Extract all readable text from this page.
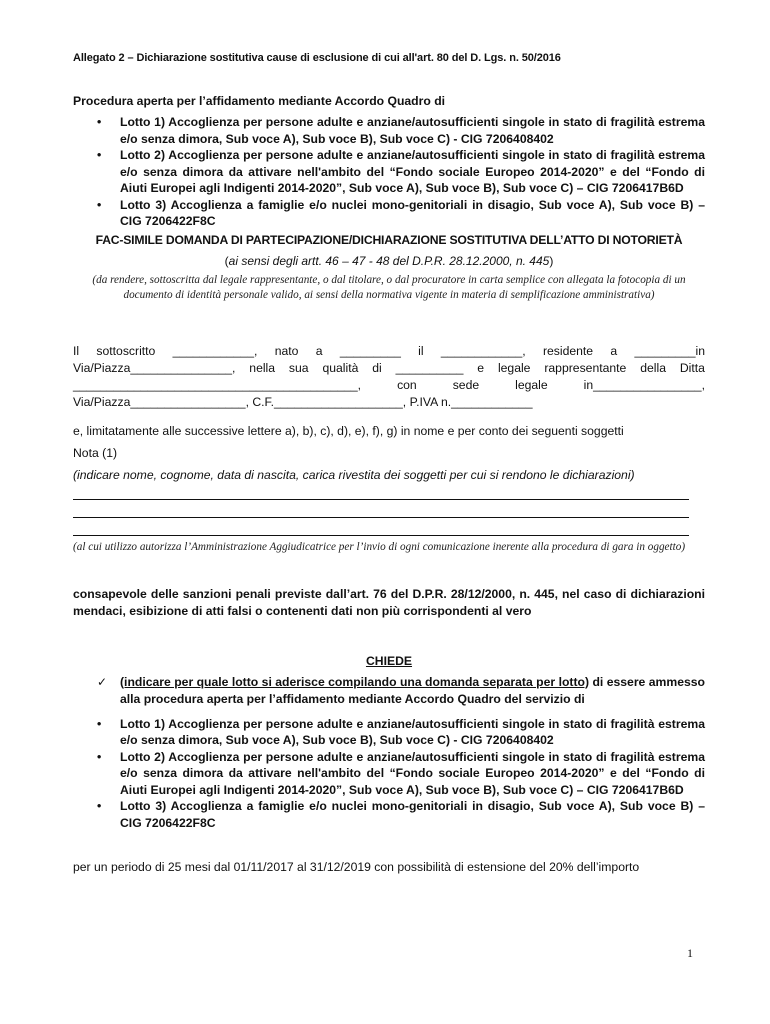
Allegato 2 – Dichiarazione sostitutiva cause di esclusione di cui all'art. 80 del D. Lgs. n. 50/2016
Procedura aperta per l’affidamento mediante Accordo Quadro di
• Lotto 1) Accoglienza per persone adulte e anziane/autosufficienti singole in stato di fragilità estrema e/o senza dimora, Sub voce A), Sub voce B), Sub voce C) - CIG 7206408402
• Lotto 2) Accoglienza per persone adulte e anziane/autosufficienti singole in stato di fragilità estrema e/o senza dimora da attivare nell'ambito del “Fondo sociale Europeo 2014-2020” e del “Fondo di Aiuti Europei agli Indigenti 2014-2020”, Sub voce A), Sub voce B), Sub voce C) – CIG 7206417B6D
• Lotto 3) Accoglienza a famiglie e/o nuclei mono-genitoriali in disagio, Sub voce A), Sub voce B) – CIG 7206422F8C
FAC-SIMILE DOMANDA DI PARTECIPAZIONE/DICHIARAZIONE SOSTITUTIVA DELL’ATTO DI NOTORIETÀ
(ai sensi degli artt. 46 – 47 - 48 del D.P.R. 28.12.2000, n. 445)
(da rendere, sottoscritta dal legale rappresentante, o dal titolare, o dal procuratore in carta semplice con allegata la fotocopia di un documento di identità personale valido, ai sensi della normativa vigente in materia di semplificazione amministrativa)
Il sottoscritto ____________, nato a _________ il ____________, residente a _________in
Via/Piazza_______________, nella sua qualità di __________ e legale rappresentante della Ditta
__________________________________________,	con	sede	legale	in________________,
Via/Piazza_________________, C.F.___________________, P.IVA n.____________
e, limitatamente alle successive lettere a), b), c), d), e), f), g) in nome e per conto dei seguenti soggetti
Nota (1)
(indicare nome, cognome, data di nascita, carica rivestita dei soggetti per cui si rendono le dichiarazioni)
(al cui utilizzo autorizza l’Amministrazione Aggiudicatrice per l’invio di ogni comunicazione inerente alla procedura di gara in oggetto)
consapevole delle sanzioni penali previste dall’art. 76 del D.P.R. 28/12/2000, n. 445, nel caso di dichiarazioni mendaci, esibizione di atti falsi o contenenti dati non più corrispondenti al vero
CHIEDE
✓ (indicare per quale lotto si aderisce compilando una domanda separata per lotto) di essere ammesso alla procedura aperta per l’affidamento mediante Accordo Quadro del servizio di
• Lotto 1) Accoglienza per persone adulte e anziane/autosufficienti singole in stato di fragilità estrema e/o senza dimora, Sub voce A), Sub voce B), Sub voce C) - CIG 7206408402
• Lotto 2) Accoglienza per persone adulte e anziane/autosufficienti singole in stato di fragilità estrema e/o senza dimora da attivare nell'ambito del “Fondo sociale Europeo 2014-2020” e del “Fondo di Aiuti Europei agli Indigenti 2014-2020”, Sub voce A), Sub voce B), Sub voce C) – CIG 7206417B6D
• Lotto 3) Accoglienza a famiglie e/o nuclei mono-genitoriali in disagio, Sub voce A), Sub voce B) – CIG 7206422F8C
per un periodo di 25 mesi dal 01/11/2017 al 31/12/2019 con possibilità di estensione del 20% dell’importo
1
